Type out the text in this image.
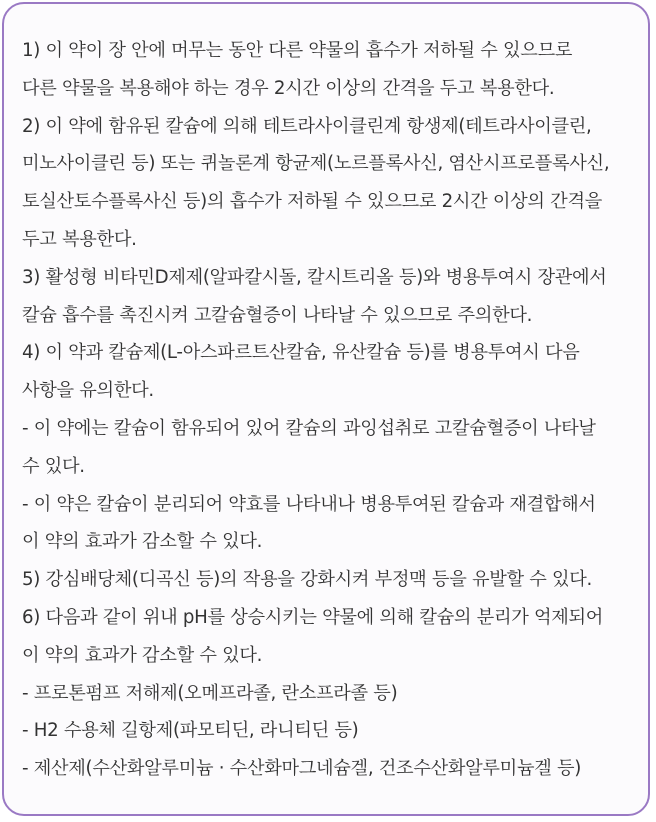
1) 이 약이 장 안에 머무는 동안 다른 약물의 흡수가 저하될 수 있으므로
다른 약물을 복용해야 하는 경우 2시간 이상의 간격을 두고 복용한다.
2) 이 약에 함유된 칼슘에 의해 테트라사이클린계 항생제(테트라사이클린,
미노사이클린 등) 또는 퀴놀론계 항균제(노르플록사신, 염산시프로플록사신,
토실산토수플록사신 등)의 흡수가 저하될 수 있으므로 2시간 이상의 간격을
두고 복용한다.
3) 활성형 비타민D제제(알파칼시돌, 칼시트리올 등)와 병용투여시 장관에서
칼슘 흡수를 촉진시켜 고칼슘혈증이 나타날 수 있으므로 주의한다.
4) 이 약과 칼슘제(L-아스파르트산칼슘, 유산칼슘 등)를 병용투여시 다음
사항을 유의한다.
- 이 약에는 칼슘이 함유되어 있어 칼슘의 과잉섭취로 고칼슘혈증이 나타날
수 있다.
- 이 약은 칼슘이 분리되어 약효를 나타내나 병용투여된 칼슘과 재결합해서
이 약의 효과가 감소할 수 있다.
5) 강심배당체(디곡신 등)의 작용을 강화시켜 부정맥 등을 유발할 수 있다.
6) 다음과 같이 위내 pH를 상승시키는 약물에 의해 칼슘의 분리가 억제되어
이 약의 효과가 감소할 수 있다.
- 프로톤펌프 저해제(오메프라졸, 란소프라졸 등)
- H2 수용체 길항제(파모티딘, 라니티딘 등)
- 제산제(수산화알루미늄 · 수산화마그네슘겔, 건조수산화알루미늄겔 등)
